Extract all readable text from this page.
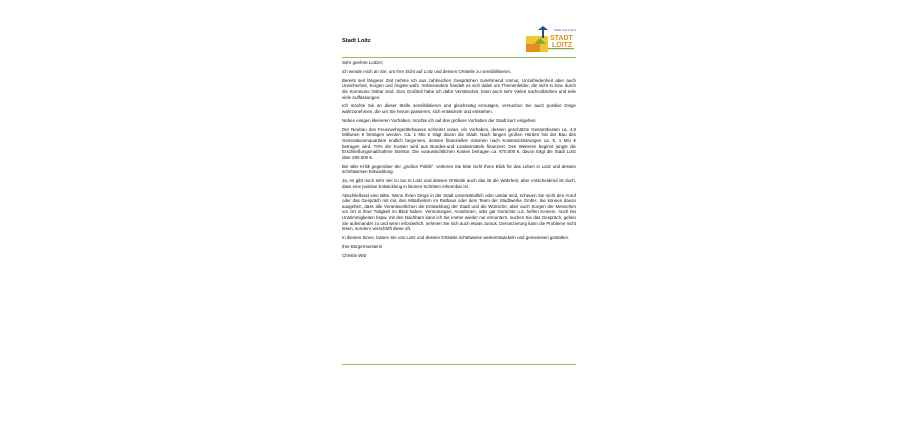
Stadt Loitz
Stadt zum Leben
STADT
LOITZ

Sehr geehrte Loitzer,

ich wende mich an Sie, um Ihre Sicht auf Loitz und dessen Ortsteile zu sensibilisieren.

Bereits seit längerer Zeit nehme ich aus zahlreichen Gesprächen zunehmend Unmut, Unzufriedenheit aber auch Unsicherheit, Sorgen und Ängste wahr. Insbesondere handelt es sich dabei um Themenfelder, die nicht in bzw. durch die Kommune lösbar sind. Zum Großteil habe ich dafür Verständnis, kann auch sehr Vieles nachvollziehen und teile viele Auffassungen.

Ich möchte Sie an dieser Stelle sensibilisieren und gleichzeitig ermutigen, versuchen Sie auch positive Dinge wahrzunehmen, die um Sie herum passieren, sich entwickeln und entstehen.

Neben einigen kleineren Vorhaben, möchte ich auf drei größere Vorhaben der Stadt kurz eingehen:

Der Neubau des Feuerwehrgerätehauses schreitet voran, ein Vorhaben, dessen geschätzte Gesamtkosten ca. 4,9 Millionen € betragen werden. Ca. 1 Mio € trägt davon die Stadt. Nach langen großen Hürden hat der Bau des Generationenquartiers endlich begonnen, dessen finanzielles Volumen nach Kostenschätzungen ca. 5, 1 Mio € betragen wird. 70% der Kosten wird aus Bundes-und Landesmitteln finanziert. Des Weiteren beginnt jüngst die Erschließungsmaßnahme Steintor. Die voraussichtlichen Kosten betragen ca. 670.000 €, davon trägt die Stadt Loitz über 200.000 €.

Bei aller Kritik gegenüber der „großen Politik", verlieren Sie bitte nicht Ihren Blick für das Leben in Loitz und dessen schrittweisen Entwicklung.

Ja, es gibt noch sehr viel zu tun in Loitz und dessen Ortsteile auch das ist die Wahrheit, aber entscheidend ist doch, dass eine positive Entwicklung in kleinen Schritten erkennbar ist.

Abschließend eine Bitte. Wenn Ihnen Dinge in der Stadt unverständlich oder unklar sind, scheuen Sie nicht den Anruf oder das Gespräch mit mir, den Mitarbeitern im Rathaus oder dem Team der Stadtwerke GmbH. Sie können davon ausgehen, dass alle Verantwortlichen die Entwicklung der Stadt und die Wünsche, aber auch Sorgen der Menschen vor Ort in ihrer Tätigkeit im Blick haben. Vermutungen, Annahmen, oder gar Gerüchte u.ä. helfen Keinem. Auch bei Unstimmigkeiten bspw. mit den Nachbarn kann ich Sie immer wieder nur ermuntern, suchen Sie das Gespräch, gehen Sie aufeinander zu und wenn erforderlich, nehmen Sie sich auch etwas zurück. Denunzierung kann die Probleme nicht lösen, sondern verschärft diese oft.

In diesem Sinne, lassen Sie uns Loitz und dessen Ortsteile schrittweise weiterentwickeln und gemeinsam gestalten.

Ihre Bürgermeisterin

Christin Witt
